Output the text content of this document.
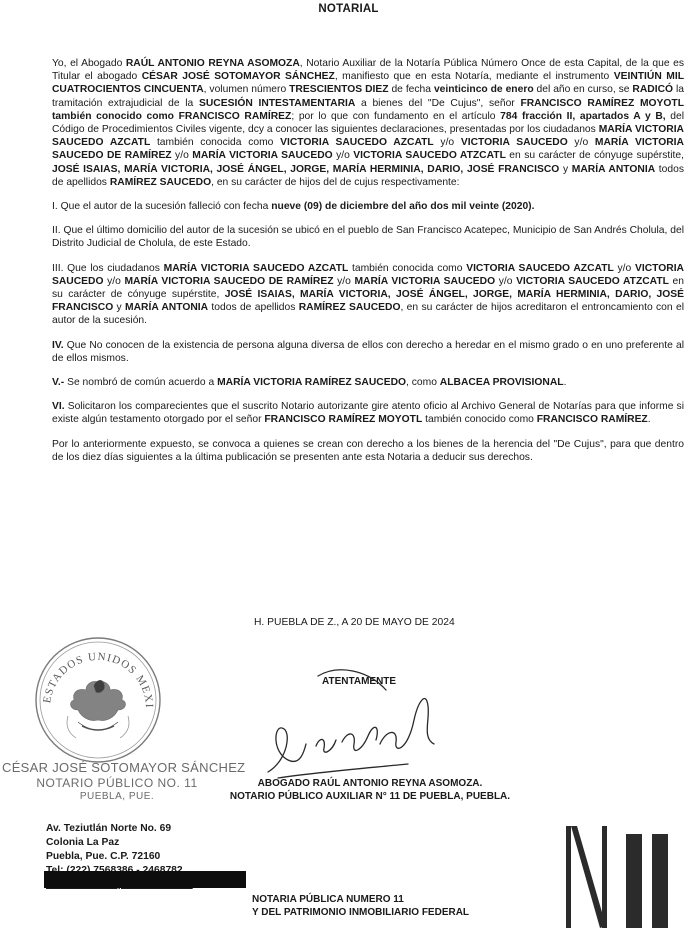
NOTARIAL

Yo, el Abogado RAÚL ANTONIO REYNA ASOMOZA, Notario Auxiliar de la Notaría Pública Número Once de esta Capital, de la que es Titular el abogado CÉSAR JOSÉ SOTOMAYOR SÁNCHEZ, manifiesto que en esta Notaría, mediante el instrumento VEINTIÚN MIL CUATROCIENTOS CINCUENTA, volumen número TRESCIENTOS DIEZ de fecha veinticinco de enero del año en curso, se RADICÓ la tramitación extrajudicial de la SUCESIÓN INTESTAMENTARIA a bienes del "De Cujus", señor FRANCISCO RAMÍREZ MOYOTL también conocido como FRANCISCO RAMÍREZ; por lo que con fundamento en el artículo 784 fracción II, apartados A y B, del Código de Procedimientos Civiles vigente, dcy a conocer las siguientes declaraciones, presentadas por los ciudadanos MARÍA VICTORIA SAUCEDO AZCATL también conocida como VICTORIA SAUCEDO AZCATL y/o VICTORIA SAUCEDO y/o MARÍA VICTORIA SAUCEDO DE RAMÍREZ y/o MARÍA VICTORIA SAUCEDO y/o VICTORIA SAUCEDO ATZCATL en su carácter de cónyuge supérstite, JOSÉ ISAIAS, MARÍA VICTORIA, JOSÉ ÁNGEL, JORGE, MARÍA HERMINIA, DARIO, JOSÉ FRANCISCO y MARÍA ANTONIA todos de apellidos RAMÍREZ SAUCEDO, en su carácter de hijos del de cujus respectivamente:

I. Que el autor de la sucesión falleció con fecha nueve (09) de diciembre del año dos mil veinte (2020).

II. Que el último domicilio del autor de la sucesión se ubicó en el pueblo de San Francisco Acatepec, Municipio de San Andrés Cholula, del Distrito Judicial de Cholula, de este Estado.

III. Que los ciudadanos MARÍA VICTORIA SAUCEDO AZCATL también conocida como VICTORIA SAUCEDO AZCATL y/o VICTORIA SAUCEDO y/o MARÍA VICTORIA SAUCEDO DE RAMÍREZ y/o MARÍA VICTORIA SAUCEDO y/o VICTORIA SAUCEDO ATZCATL en su carácter de cónyuge supérstite, JOSÉ ISAIAS, MARÍA VICTORIA, JOSÉ ÁNGEL, JORGE, MARÍA HERMINIA, DARIO, JOSÉ FRANCISCO y MARÍA ANTONIA todos de apellidos RAMÍREZ SAUCEDO, en su carácter de hijos acreditaron el entroncamiento con el autor de la sucesión.

IV. Que No conocen de la existencia de persona alguna diversa de ellos con derecho a heredar en el mismo grado o en uno preferente al de ellos mismos.

V.- Se nombró de común acuerdo a MARÍA VICTORIA RAMÍREZ SAUCEDO, como ALBACEA PROVISIONAL.

VI. Solicitaron los comparecientes que el suscrito Notario autorizante gire atento oficio al Archivo General de Notarías para que informe si existe algún testamento otorgado por el señor FRANCISCO RAMÍREZ MOYOTL también conocido como FRANCISCO RAMÍREZ.

Por lo anteriormente expuesto, se convoca a quienes se crean con derecho a los bienes de la herencia del "De Cujus", para que dentro de los diez días siguientes a la última publicación se presenten ante esta Notaria a deducir sus derechos.

H. PUEBLA DE Z., A 20 DE MAYO DE 2024
ESTADOS UNIDOS MEXI
CÉSAR JOSÉ SOTOMAYOR SÁNCHEZ
NOTARIO PÚBLICO NO. 11
PUEBLA, PUE.
ATENTAMENTE
ABOGADO RAÚL ANTONIO REYNA ASOMOZA.
NOTARIO PÚBLICO AUXILIAR N° 11 DE PUEBLA, PUEBLA.
Av. Teziutlán Norte No. 69
Colonia La Paz
Puebla, Pue. C.P. 72160
NOTARIA PÚBLICA NUMERO 11
Y DEL PATRIMONIO INMOBILIARIO FEDERAL
